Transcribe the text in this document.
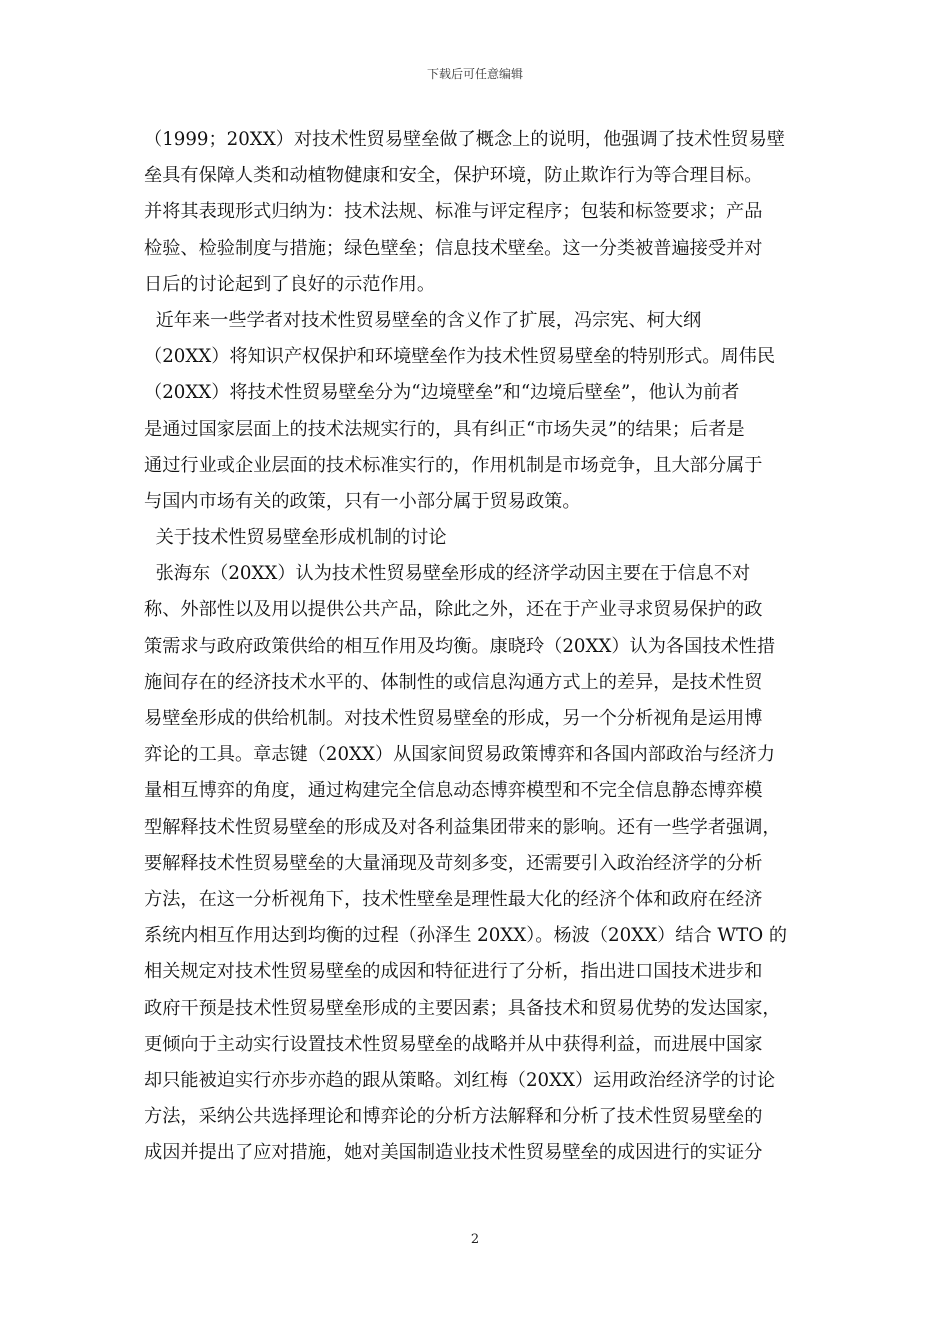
下载后可任意编辑
（1999；20XX）对技术性贸易壁垒做了概念上的说明，他强调了技术性贸易壁
垒具有保障人类和动植物健康和安全，保护环境，防止欺诈行为等合理目标。
并将其表现形式归纳为：技术法规、标准与评定程序；包装和标签要求；产品
检验、检验制度与措施；绿色壁垒；信息技术壁垒。这一分类被普遍接受并对
日后的讨论起到了良好的示范作用。
近年来一些学者对技术性贸易壁垒的含义作了扩展，冯宗宪、柯大纲
（20XX）将知识产权保护和环境壁垒作为技术性贸易壁垒的特别形式。周伟民
（20XX）将技术性贸易壁垒分为“边境壁垒”和“边境后壁垒”，他认为前者
是通过国家层面上的技术法规实行的，具有纠正“市场失灵”的结果；后者是
通过行业或企业层面的技术标准实行的，作用机制是市场竞争，且大部分属于
与国内市场有关的政策，只有一小部分属于贸易政策。
关于技术性贸易壁垒形成机制的讨论
张海东（20XX）认为技术性贸易壁垒形成的经济学动因主要在于信息不对
称、外部性以及用以提供公共产品，除此之外，还在于产业寻求贸易保护的政
策需求与政府政策供给的相互作用及均衡。康晓玲（20XX）认为各国技术性措
施间存在的经济技术水平的、体制性的或信息沟通方式上的差异，是技术性贸
易壁垒形成的供给机制。对技术性贸易壁垒的形成，另一个分析视角是运用博
弈论的工具。章志键（20XX）从国家间贸易政策博弈和各国内部政治与经济力
量相互博弈的角度，通过构建完全信息动态博弈模型和不完全信息静态博弈模
型解释技术性贸易壁垒的形成及对各利益集团带来的影响。还有一些学者强调，
要解释技术性贸易壁垒的大量涌现及苛刻多变，还需要引入政治经济学的分析
方法，在这一分析视角下，技术性壁垒是理性最大化的经济个体和政府在经济
系统内相互作用达到均衡的过程（孙泽生 20XX）。杨波（20XX）结合 WTO 的
相关规定对技术性贸易壁垒的成因和特征进行了分析，指出进口国技术进步和
政府干预是技术性贸易壁垒形成的主要因素；具备技术和贸易优势的发达国家，
更倾向于主动实行设置技术性贸易壁垒的战略并从中获得利益，而进展中国家
却只能被迫实行亦步亦趋的跟从策略。刘红梅（20XX）运用政治经济学的讨论
方法，采纳公共选择理论和博弈论的分析方法解释和分析了技术性贸易壁垒的
成因并提出了应对措施，她对美国制造业技术性贸易壁垒的成因进行的实证分
2
